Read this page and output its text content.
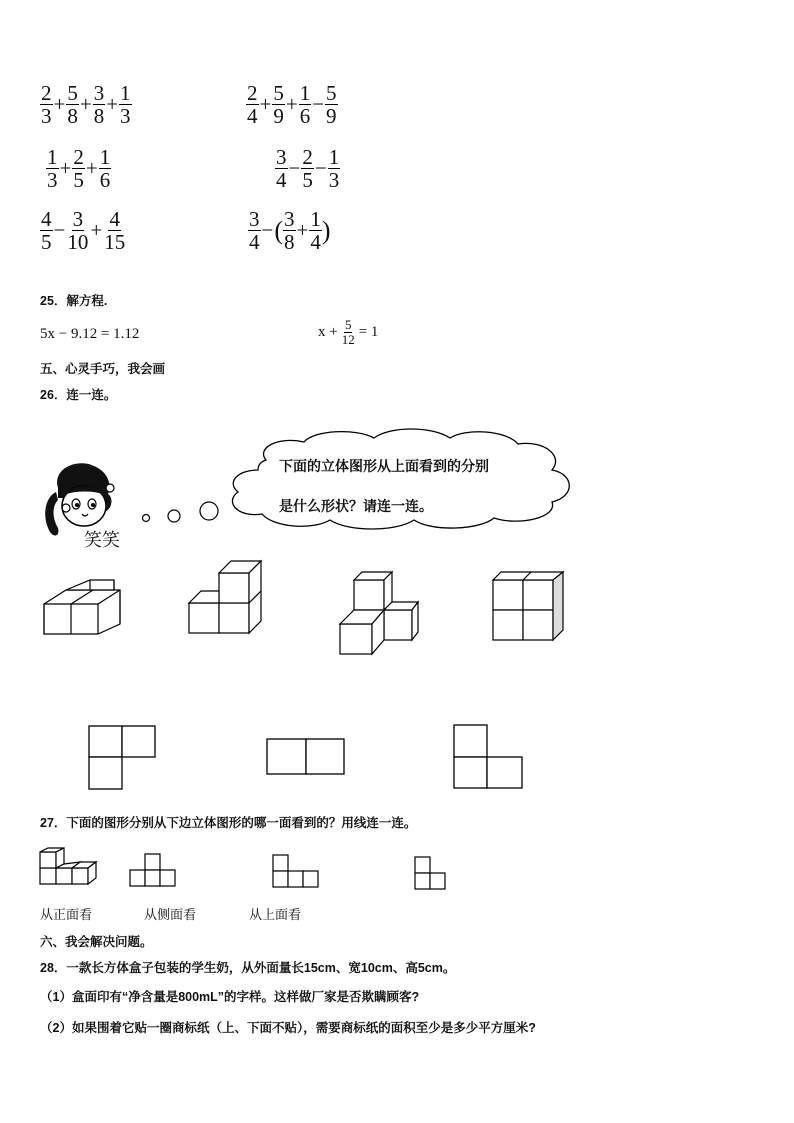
$\frac{2}{3} + \frac{5}{8} + \frac{3}{8} + \frac{1}{3}$	$\frac{2}{4} + \frac{5}{9} + \frac{1}{6} - \frac{5}{9}$
$\frac{1}{3} + \frac{2}{5} + \frac{1}{6}$	$\frac{3}{4} - \frac{2}{5} - \frac{1}{3}$
$\frac{4}{5} - \frac{3}{10} + \frac{4}{15}$	$\frac{3}{4}$ − ( $\frac{3}{8} + \frac{1}{4}$ )
25．解方程.
5x − 9.12 = 1.12	$x + \frac{5}{12} = 1$
五、心灵手巧，我会画
26．连一连。
笑笑
下面的立体图形从上面看到的分别
是什么形状？请连一连。
27．下面的图形分别从下边立体图形的哪一面看到的？用线连一连。
从正面看	从侧面看	从上面看
六、我会解决问题。
28．一款长方体盒子包装的学生奶，从外面量长15cm、宽10cm、高5cm。
（1）盒面印有“净含量是800mL”的字样。这样做厂家是否欺瞒顾客?
（2）如果围着它贴一圈商标纸（上、下面不贴），需要商标纸的面积至少是多少平方厘米?
